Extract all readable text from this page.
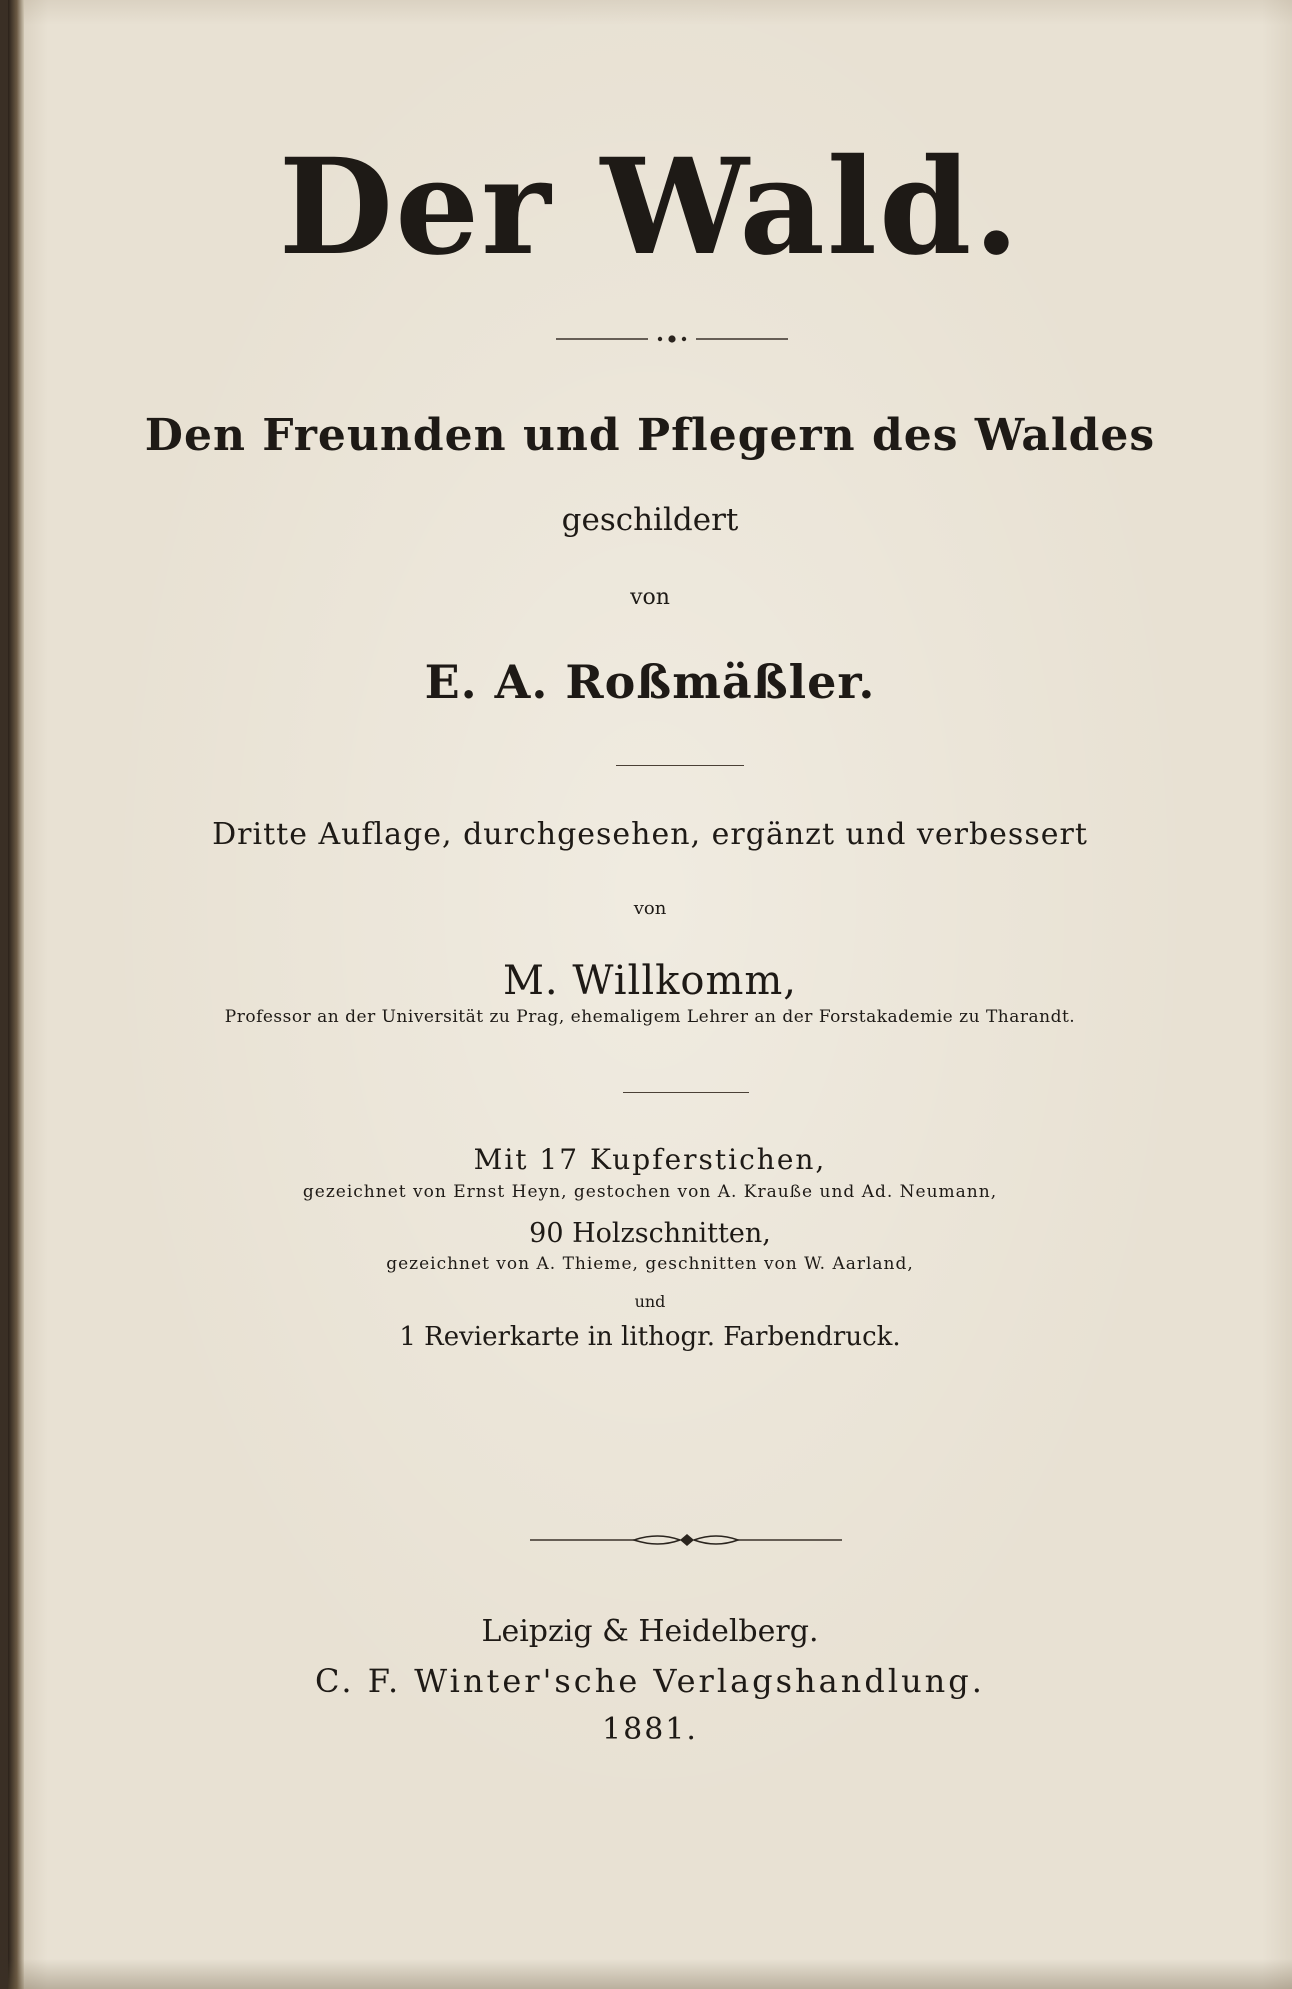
Der Wald.
Den Freunden und Pflegern des Waldes
geschildert
von
E. A. Roßmäßler.
Dritte Auflage, durchgesehen, ergänzt und verbessert
von
M. Willkomm,
Professor an der Universität zu Prag, ehemaligem Lehrer an der Forstakademie zu Tharandt.
Mit 17 Kupferstichen,
gezeichnet von Ernst Heyn, gestochen von A. Krauße und Ad. Neumann,
90 Holzschnitten,
gezeichnet von A. Thieme, geschnitten von W. Aarland,
und
1 Revierkarte in lithogr. Farbendruck.
Leipzig & Heidelberg.
C. F. Winter'sche Verlagshandlung.
1881.
